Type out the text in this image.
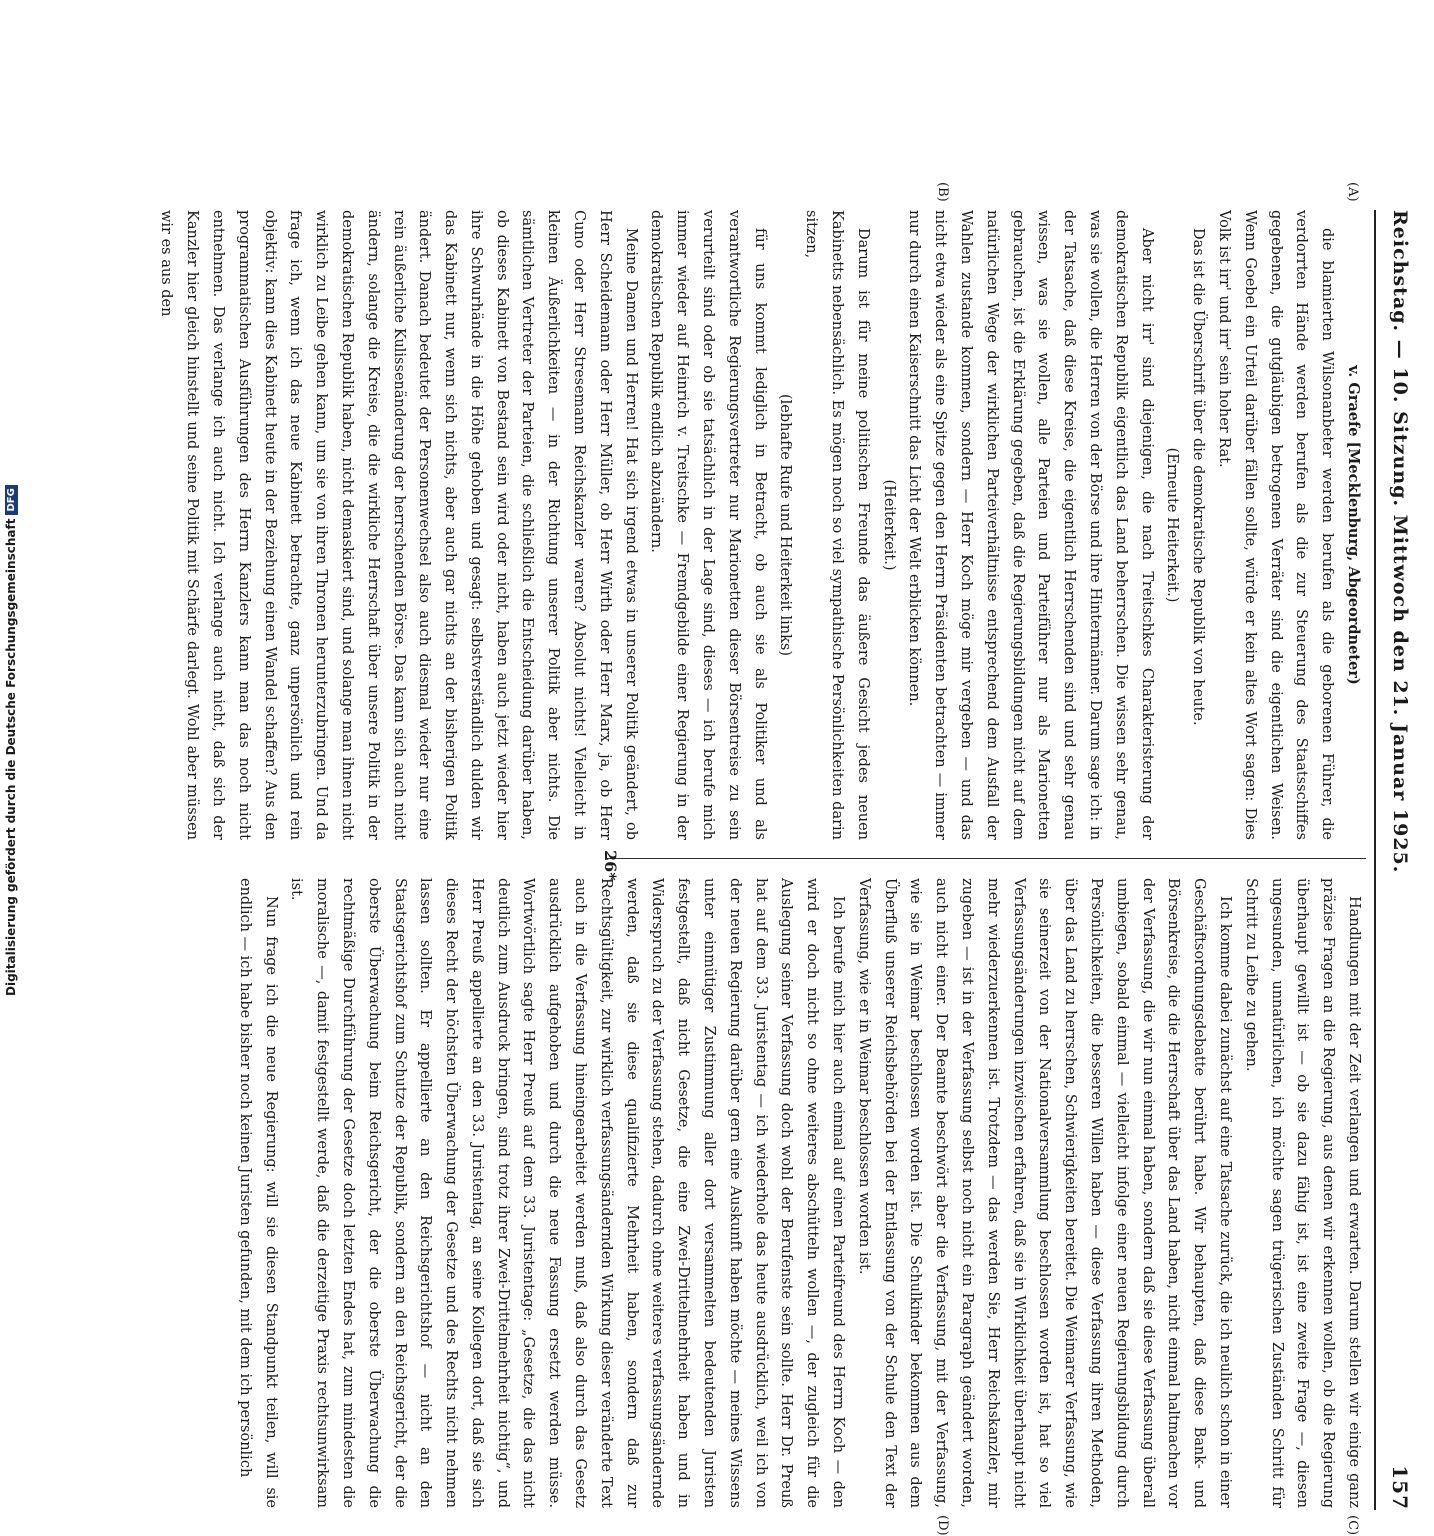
Reichstag. — 10. Sitzung. Mittwoch den 21. Januar 1925.
157

v. Graefe [Mecklenburg, Abgeordneter)

die blamierten Wilsonanbeter werden berufen als die geborenen Führer, die verdorrten Hände werden berufen als die zur Steuerung des Staatsschiffes gegebenen, die gutgläubigen betrogenen Verräter sind die eigentlichen Weisen. Wenn Goebel ein Urteil darüber fällen sollte, würde er kein altes Wort sagen: Dies Volk ist irr' und irr' sein hoher Rat.

Das ist die Überschrift über die demokratische Republik von heute.

(Erneute Heiterkeit.)

Aber nicht irr' sind diejenigen, die nach Treitschkes Charakteristerung der demokratischen Republik eigentlich das Land beherrschen. Die wissen sehr genau, was sie wollen, die Herren von der Börse und ihre Hintermänner. Darum sage ich: in der Tatsache, daß diese Kreise, die eigentlich Herrschenden sind und sehr genau wissen, was sie wollen, alle Parteien und Parteiführer nur als Marionetten gebrauchen, ist die Erklärung gegeben, daß die Regierungsbildungen nicht auf dem natürlichen Wege der wirklichen Parteiverhältnisse entsprechend dem Ausfall der Wahlen zustande kommen, sondern — Herr Koch möge mir vergeben — und das nicht etwa wieder als eine Spitze gegen den Herrn Präsidenten betrachten — immer nur durch einen Kaiserschnitt das Licht der Welt erblicken können.

(Heiterkeit.)

Darum ist für meine politischen Freunde das äußere Gesicht jedes neuen Kabinetts nebensächlich. Es mögen noch so viel sympathische Persönlichkeiten darin sitzen,

(lebhafte Rufe und Heiterkeit links)

für uns kommt lediglich in Betracht, ob auch sie als Politiker und als verantwortliche Regierungsvertreter nur Marionetten dieser Börsentreise zu sein verurteilt sind oder ob sie tatsächlich in der Lage sind, dieses — ich berufe mich immer wieder auf Heinrich v. Treitschke — Fremdgebilde einer Regierung in der demokratischen Republik endlich abzuändern.

Meine Damen und Herren! Hat sich irgend etwas in unserer Politik geändert, ob Herr Scheidemann oder Herr Müller, ob Herr Wirth oder Herr Marx, ja, ob Herr Cuno oder Herr Stresemann Reichskanzler waren? Absolut nichts! Vielleicht in kleinen Äußerlichkeiten — in der Richtung unserer Politik aber nichts. Die sämtlichen Vertreter der Parteien, die schließlich die Entscheidung darüber haben, ob dieses Kabinett von Bestand sein wird oder nicht, haben auch jetzt wieder hier ihre Schwurhände in die Höhe gehoben und gesagt: selbstverständlich dulden wir das Kabinett nur, wenn sich nichts, aber auch gar nichts an der bisherigen Politik ändert. Danach bedeutet der Personenwechsel also auch diesmal wieder nur eine rein äußerliche Kulissenänderung der herrschenden Börse. Das kann sich auch nicht ändern, solange die Kreise, die die wirkliche Herrschaft über unsere Politik in der demokratischen Republik haben, nicht demaskiert sind, und solange man ihnen nicht wirklich zu Leibe gehen kann, um sie von ihren Thronen herunterzubringen. Und da frage ich, wenn ich das neue Kabinett betrachte, ganz unpersönlich und rein objektiv: kann dies Kabinett heute in der Beziehung einen Wandel schaffen? Aus den programmatischen Ausführungen des Herrn Kanzlers kann man das noch nicht entnehmen. Das verlange ich auch nicht. Ich verlange auch nicht, daß sich der Kanzler hier gleich hinstellt und seine Politik mit Schärfe darlegt. Wohl aber müssen wir es aus den

Handlungen mit der Zeit verlangen und erwarten. Darum stellen wir einige ganz präzise Fragen an die Regierung, aus denen wir erkennen wollen, ob die Regierung überhaupt gewillt ist — ob sie dazu fähig ist, ist eine zweite Frage —, diesen ungesunden, unnatürlichen, ich möchte sagen trügerischen Zuständen Schritt für Schritt zu Leibe zu gehen.

Ich komme dabei zunächst auf eine Tatsache zurück, die ich neulich schon in einer Geschäftsordnungsdebatte berührt habe. Wir behaupten, daß diese Bank- und Börsenkreise, die die Herrschaft über das Land haben, nicht einmal haltmachen vor der Verfassung, die wir nun einmal haben, sondern daß sie diese Verfassung überall umbiegen, sobald einmal — vielleicht infolge einer neuen Regierungsbildung durch Persönlichkeiten, die besseren Willen haben — diese Verfassung ihren Methoden, über das Land zu herrschen, Schwierigkeiten bereitet. Die Weimarer Verfassung, wie sie seinerzeit von der Nationalversammlung beschlossen worden ist, hat so viel Verfassungsänderungen inzwischen erfahren, daß sie in Wirklichkeit überhaupt nicht mehr wiederzuerkennen ist. Trotzdem — das werden Sie, Herr Reichskanzler, mir zugeben — ist in der Verfassung selbst noch nicht ein Paragraph geändert worden, auch nicht einer. Der Beamte beschwört aber die Verfassung, mit der Verfassung, wie sie in Weimar beschlossen worden ist. Die Schulkinder bekommen aus dem Überfluß unserer Reichsbehörden bei der Entlassung von der Schule den Text der Verfassung, wie er in Weimar beschlossen worden ist.

Ich berufe mich hier auch einmal auf einen Parteifreund des Herrn Koch — den wird er doch nicht so ohne weiteres abschütteln wollen —, der zugleich für die Auslegung seiner Verfassung doch wohl der Berufenste sein sollte. Herr Dr. Preuß hat auf dem 33. Juristentag — ich wiederhole das heute ausdrücklich, weil ich von der neuen Regierung darüber gern eine Auskunft haben möchte — meines Wissens unter einmütiger Zustimmung aller dort versammelten bedeutenden Juristen festgestellt, daß nicht Gesetze, die eine Zwei-Drittelmehrheit haben und in Widerspruch zu der Verfassung stehen, dadurch ohne weiteres verfassungsändernde werden, daß sie diese qualifizierte Mehrheit haben, sondern daß zur Rechtsgültigkeit, zur wirklich verfassungsändernden Wirkung dieser veränderte Text auch in die Verfassung hineingearbeitet werden muß, daß also durch das Gesetz ausdrücklich aufgehoben und durch die neue Fassung ersetzt werden müsse. Wortwörtlich sagte Herr Preuß auf dem 33. Juristentage: „Gesetze, die das nicht deutlich zum Ausdruck bringen, sind trotz ihrer Zwei-Drittelmehrheit nichtig“, und Herr Preuß appellierte an den 33. Juristentag, an seine Kollegen dort, daß sie sich dieses Recht der höchsten Überwachung der Gesetze und des Rechts nicht nehmen lassen sollten. Er appellierte an den Reichsgerichtshof — nicht an den Staatsgerichtshof zum Schutze der Republik, sondern an den Reichsgericht, der die oberste Überwachung beim Reichsgericht, der die oberste Überwachung die rechtmäßige Durchführung der Gesetze doch letzten Endes hat, zum mindesten die moralische —, damit festgestellt werde, daß die derzeitige Praxis rechtsunwirksam ist.

Nun frage ich die neue Regierung: will sie diesen Standpunkt teilen, will sie endlich — ich habe bisher noch keinen Juristen gefunden, mit dem ich persönlich

(A)
(B)
(C)
(D)
26*
Digitalisierung gefördert durch die Deutsche Forschungsgemeinschaft
DFG
